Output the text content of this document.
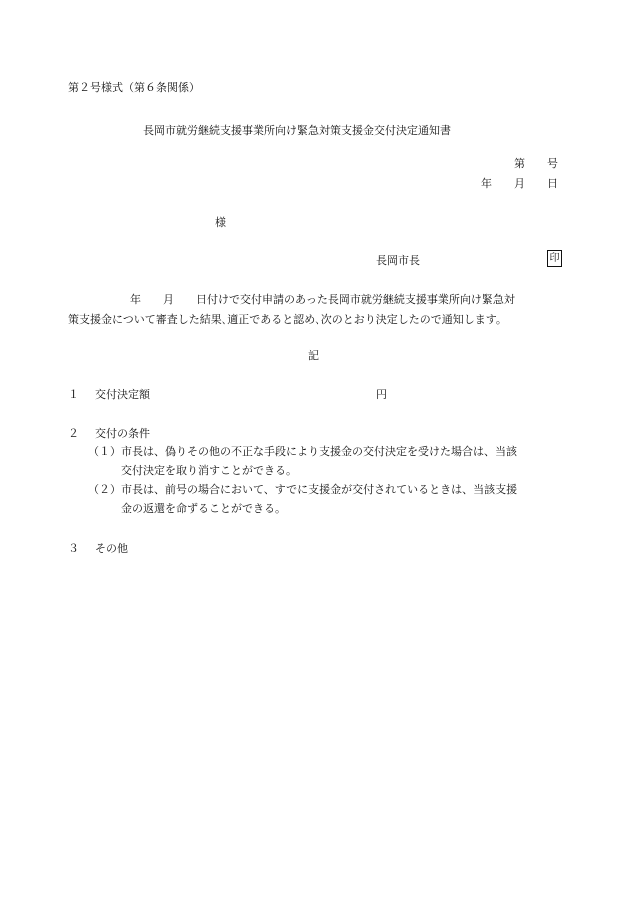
第２号様式（第６条関係）
長岡市就労継続支援事業所向け緊急対策支援金交付決定通知書
第 号
年 月 日
様
長岡市長	印
年 月 日付けで交付申請のあった長岡市就労継続支援事業所向け緊急対
策支援金について審査した結果､適正であると認め､次のとおり決定したので通知します。
記
１ 交付決定額	円
２ 交付の条件
（１） 市長は、偽りその他の不正な手段により支援金の交付決定を受けた場合は、当該
交付決定を取り消すことができる。
（２） 市長は、前号の場合において、すでに支援金が交付されているときは、当該支援
金の返還を命ずることができる。
３ その他
